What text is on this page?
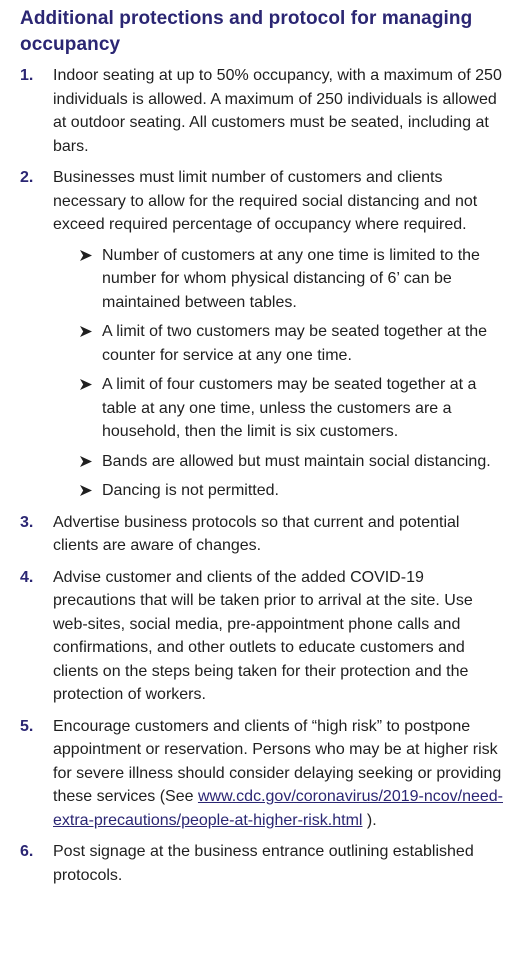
Additional protections and protocol for managing occupancy
1.	Indoor seating at up to 50% occupancy, with a maximum of 250 individuals is allowed. A maximum of 250 individuals is allowed at outdoor seating. All customers must be seated, including at bars.
2.	Businesses must limit number of customers and clients necessary to allow for the required social distancing and not exceed required percentage of occupancy where required.
Number of customers at any one time is limited to the number for whom physical distancing of 6’ can be maintained between tables.
A limit of two customers may be seated together at the counter for service at any one time.
A limit of four customers may be seated together at a table at any one time, unless the customers are a household, then the limit is six customers.
Bands are allowed but must maintain social distancing.
Dancing is not permitted.
3.	Advertise business protocols so that current and potential clients are aware of changes.
4.	Advise customer and clients of the added COVID-19 precautions that will be taken prior to arrival at the site. Use web-sites, social media, pre-appointment phone calls and confirmations, and other outlets to educate customers and clients on the steps being taken for their protection and the protection of workers.
5.	Encourage customers and clients of “high risk” to postpone appointment or reservation. Persons who may be at higher risk for severe illness should consider delaying seeking or providing these services (See www.cdc.gov/coronavirus/2019-ncov/need-extra-precautions/people-at-higher-risk.html ).
6.	Post signage at the business entrance outlining established protocols.
